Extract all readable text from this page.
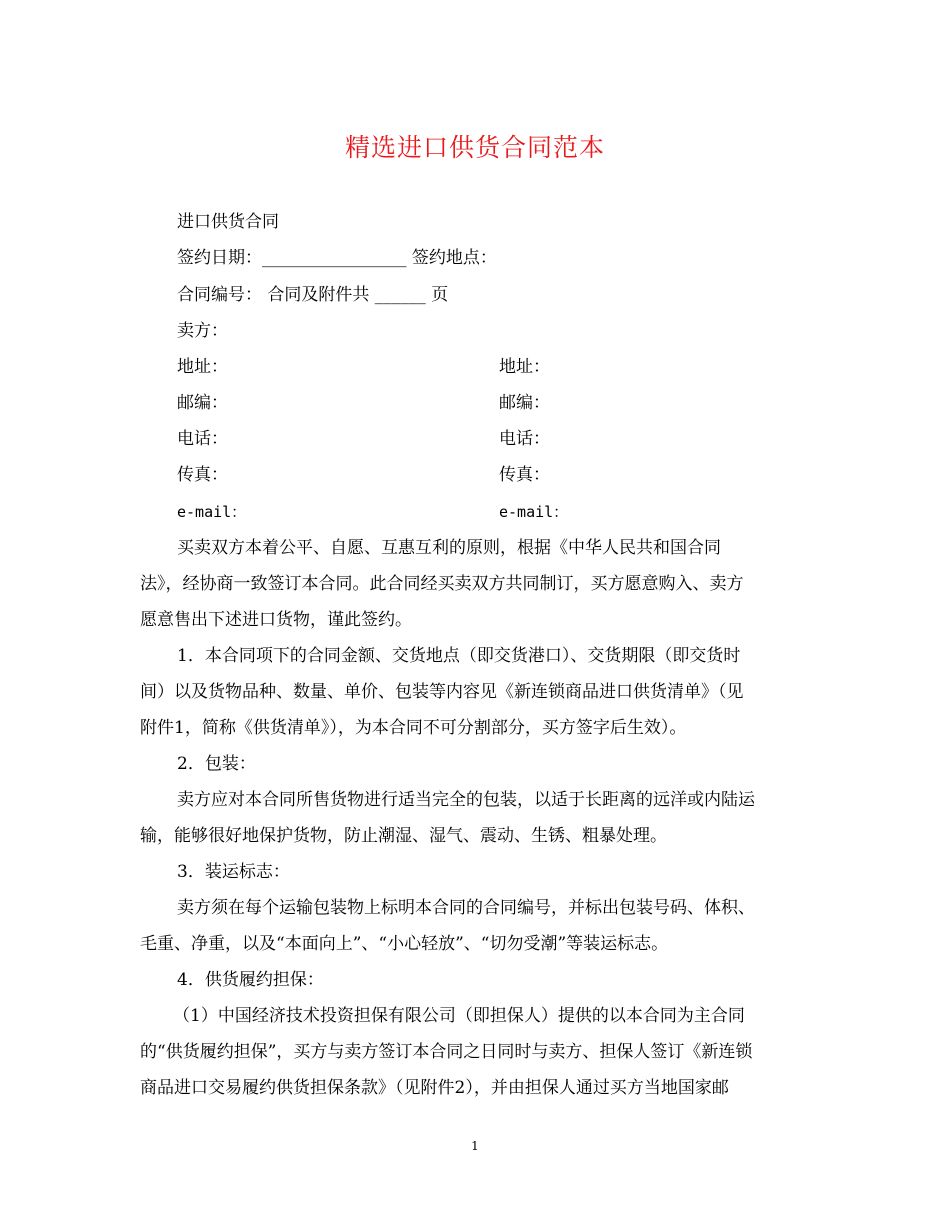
精选进口供货合同范本
进口供货合同
签约日期：_________________ 签约地点：
合同编号： 合同及附件共 ______ 页
卖方：
地址：	地址：
邮编：	邮编：
电话：	电话：
传真：	传真：
e-mail：	e-mail：
买卖双方本着公平、自愿、互惠互利的原则，根据《中华人民共和国合同
法》，经协商一致签订本合同。此合同经买卖双方共同制订，买方愿意购入、卖方
愿意售出下述进口货物，谨此签约。
1．本合同项下的合同金额、交货地点（即交货港口）、交货期限（即交货时
间）以及货物品种、数量、单价、包装等内容见《新连锁商品进口供货清单》（见
附件1，简称《供货清单》），为本合同不可分割部分，买方签字后生效）。
2．包装：
卖方应对本合同所售货物进行适当完全的包装，以适于长距离的远洋或内陆运
输，能够很好地保护货物，防止潮湿、湿气、震动、生锈、粗暴处理。
3．装运标志：
卖方须在每个运输包装物上标明本合同的合同编号，并标出包装号码、体积、
毛重、净重，以及“本面向上”、“小心轻放”、“切勿受潮”等装运标志。
4．供货履约担保：
（1）中国经济技术投资担保有限公司（即担保人）提供的以本合同为主合同
的“供货履约担保”，买方与卖方签订本合同之日同时与卖方、担保人签订《新连锁
商品进口交易履约供货担保条款》（见附件2），并由担保人通过买方当地国家邮
1
